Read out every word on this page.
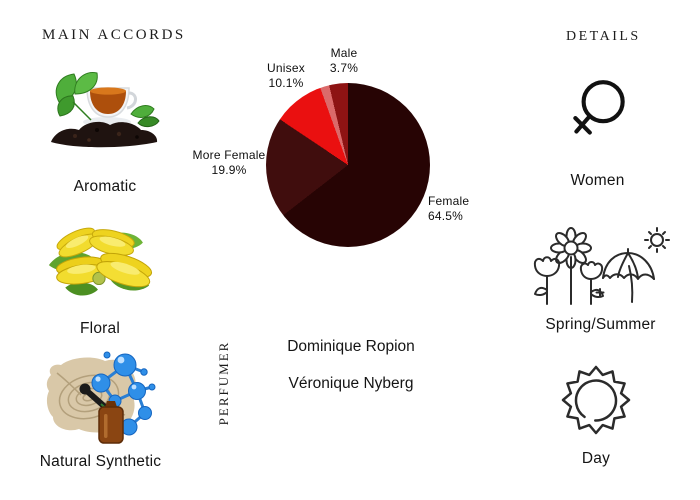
MAIN ACCORDS	DETAILS
Aromatic
Floral
Natural Synthetic
Male
3.7%
Unisex
10.1%
More Female
19.9%
Female
64.5%
PERFUMER	Dominique Ropion
Véronique Nyberg
Women
Spring/Summer
Day
